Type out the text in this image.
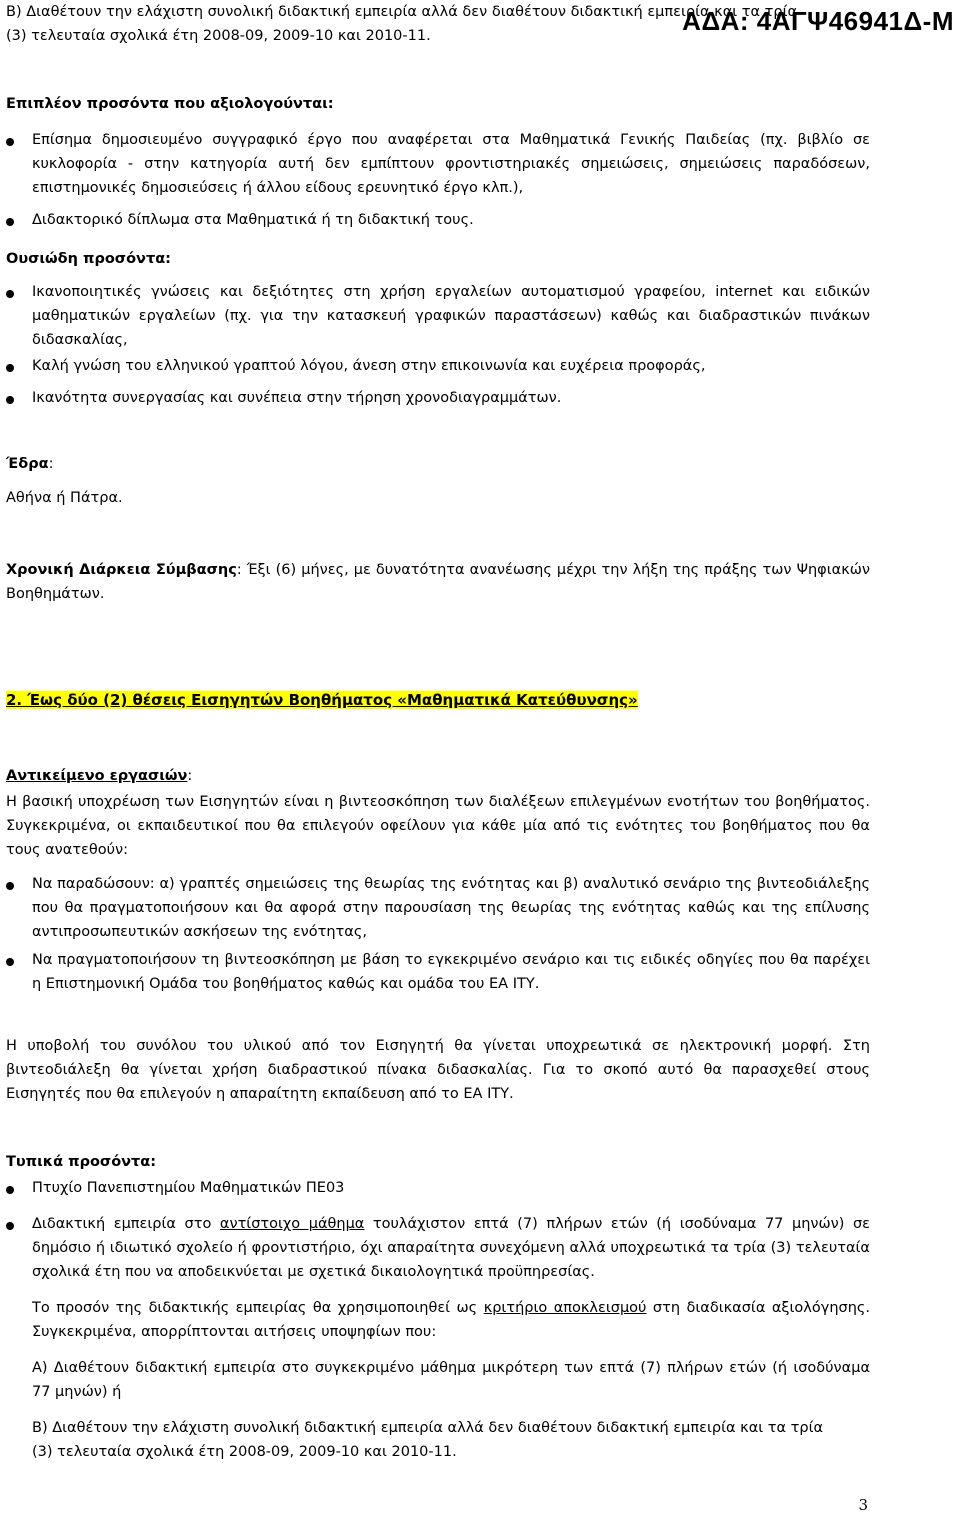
ΑΔΑ: 4ΑΓΨ46941Δ-Μ

Β) Διαθέτουν την ελάχιστη συνολική διδακτική εμπειρία αλλά δεν διαθέτουν διδακτική εμπειρία και τα τρία

(3) τελευταία σχολικά έτη 2008-09, 2009-10 και 2010-11.

Επιπλέον προσόντα που αξιολογούνται:

Επίσημα δημοσιευμένο συγγραφικό έργο που αναφέρεται στα Μαθηματικά Γενικής Παιδείας (πχ. βιβλίο σε κυκλοφορία - στην κατηγορία αυτή δεν εμπίπτουν φροντιστηριακές σημειώσεις, σημειώσεις παραδόσεων, επιστημονικές δημοσιεύσεις ή άλλου είδους ερευνητικό έργο κλπ.),

Διδακτορικό δίπλωμα στα Μαθηματικά ή τη διδακτική τους.

Ουσιώδη προσόντα:

Ικανοποιητικές γνώσεις και δεξιότητες στη χρήση εργαλείων αυτοματισμού γραφείου, internet και ειδικών μαθηματικών εργαλείων (πχ. για την κατασκευή γραφικών παραστάσεων) καθώς και διαδραστικών πινάκων διδασκαλίας,

Καλή γνώση του ελληνικού γραπτού λόγου, άνεση στην επικοινωνία και ευχέρεια προφοράς,

Ικανότητα συνεργασίας και συνέπεια στην τήρηση χρονοδιαγραμμάτων.

Έδρα:

Αθήνα ή Πάτρα.

Χρονική Διάρκεια Σύμβασης: Έξι (6) μήνες, με δυνατότητα ανανέωσης μέχρι την λήξη της πράξης των Ψηφιακών Βοηθημάτων.

2. Έως δύο (2) θέσεις Εισηγητών Βοηθήματος «Μαθηματικά Κατεύθυνσης»

Αντικείμενο εργασιών:

Η βασική υποχρέωση των Εισηγητών είναι η βιντεοσκόπηση των διαλέξεων επιλεγμένων ενοτήτων του βοηθήματος. Συγκεκριμένα, οι εκπαιδευτικοί που θα επιλεγούν οφείλουν για κάθε μία από τις ενότητες του βοηθήματος που θα τους ανατεθούν:

Να παραδώσουν: α) γραπτές σημειώσεις της θεωρίας της ενότητας και β) αναλυτικό σενάριο της βιντεοδιάλεξης που θα πραγματοποιήσουν και θα αφορά στην παρουσίαση της θεωρίας της ενότητας καθώς και της επίλυσης αντιπροσωπευτικών ασκήσεων της ενότητας,

Να πραγματοποιήσουν τη βιντεοσκόπηση με βάση το εγκεκριμένο σενάριο και τις ειδικές οδηγίες που θα παρέχει η Επιστημονική Ομάδα του βοηθήματος καθώς και ομάδα του ΕΑ ΙΤΥ.

Η υποβολή του συνόλου του υλικού από τον Εισηγητή θα γίνεται υποχρεωτικά σε ηλεκτρονική μορφή. Στη βιντεοδιάλεξη θα γίνεται χρήση διαδραστικού πίνακα διδασκαλίας. Για το σκοπό αυτό θα παρασχεθεί στους Εισηγητές που θα επιλεγούν η απαραίτητη εκπαίδευση από το ΕΑ ΙΤΥ.

Τυπικά προσόντα:

Πτυχίο Πανεπιστημίου Μαθηματικών ΠΕ03

Διδακτική εμπειρία στο αντίστοιχο μάθημα τουλάχιστον επτά (7) πλήρων ετών (ή ισοδύναμα 77 μηνών) σε δημόσιο ή ιδιωτικό σχολείο ή φροντιστήριο, όχι απαραίτητα συνεχόμενη αλλά υποχρεωτικά τα τρία (3) τελευταία σχολικά έτη που να αποδεικνύεται με σχετικά δικαιολογητικά προϋπηρεσίας.

Το προσόν της διδακτικής εμπειρίας θα χρησιμοποιηθεί ως κριτήριο αποκλεισμού στη διαδικασία αξιολόγησης. Συγκεκριμένα, απορρίπτονται αιτήσεις υποψηφίων που:

Α) Διαθέτουν διδακτική εμπειρία στο συγκεκριμένο μάθημα μικρότερη των επτά (7) πλήρων ετών (ή ισοδύναμα 77 μηνών) ή

Β) Διαθέτουν την ελάχιστη συνολική διδακτική εμπειρία αλλά δεν διαθέτουν διδακτική εμπειρία και τα τρία

(3) τελευταία σχολικά έτη 2008-09, 2009-10 και 2010-11.

3
